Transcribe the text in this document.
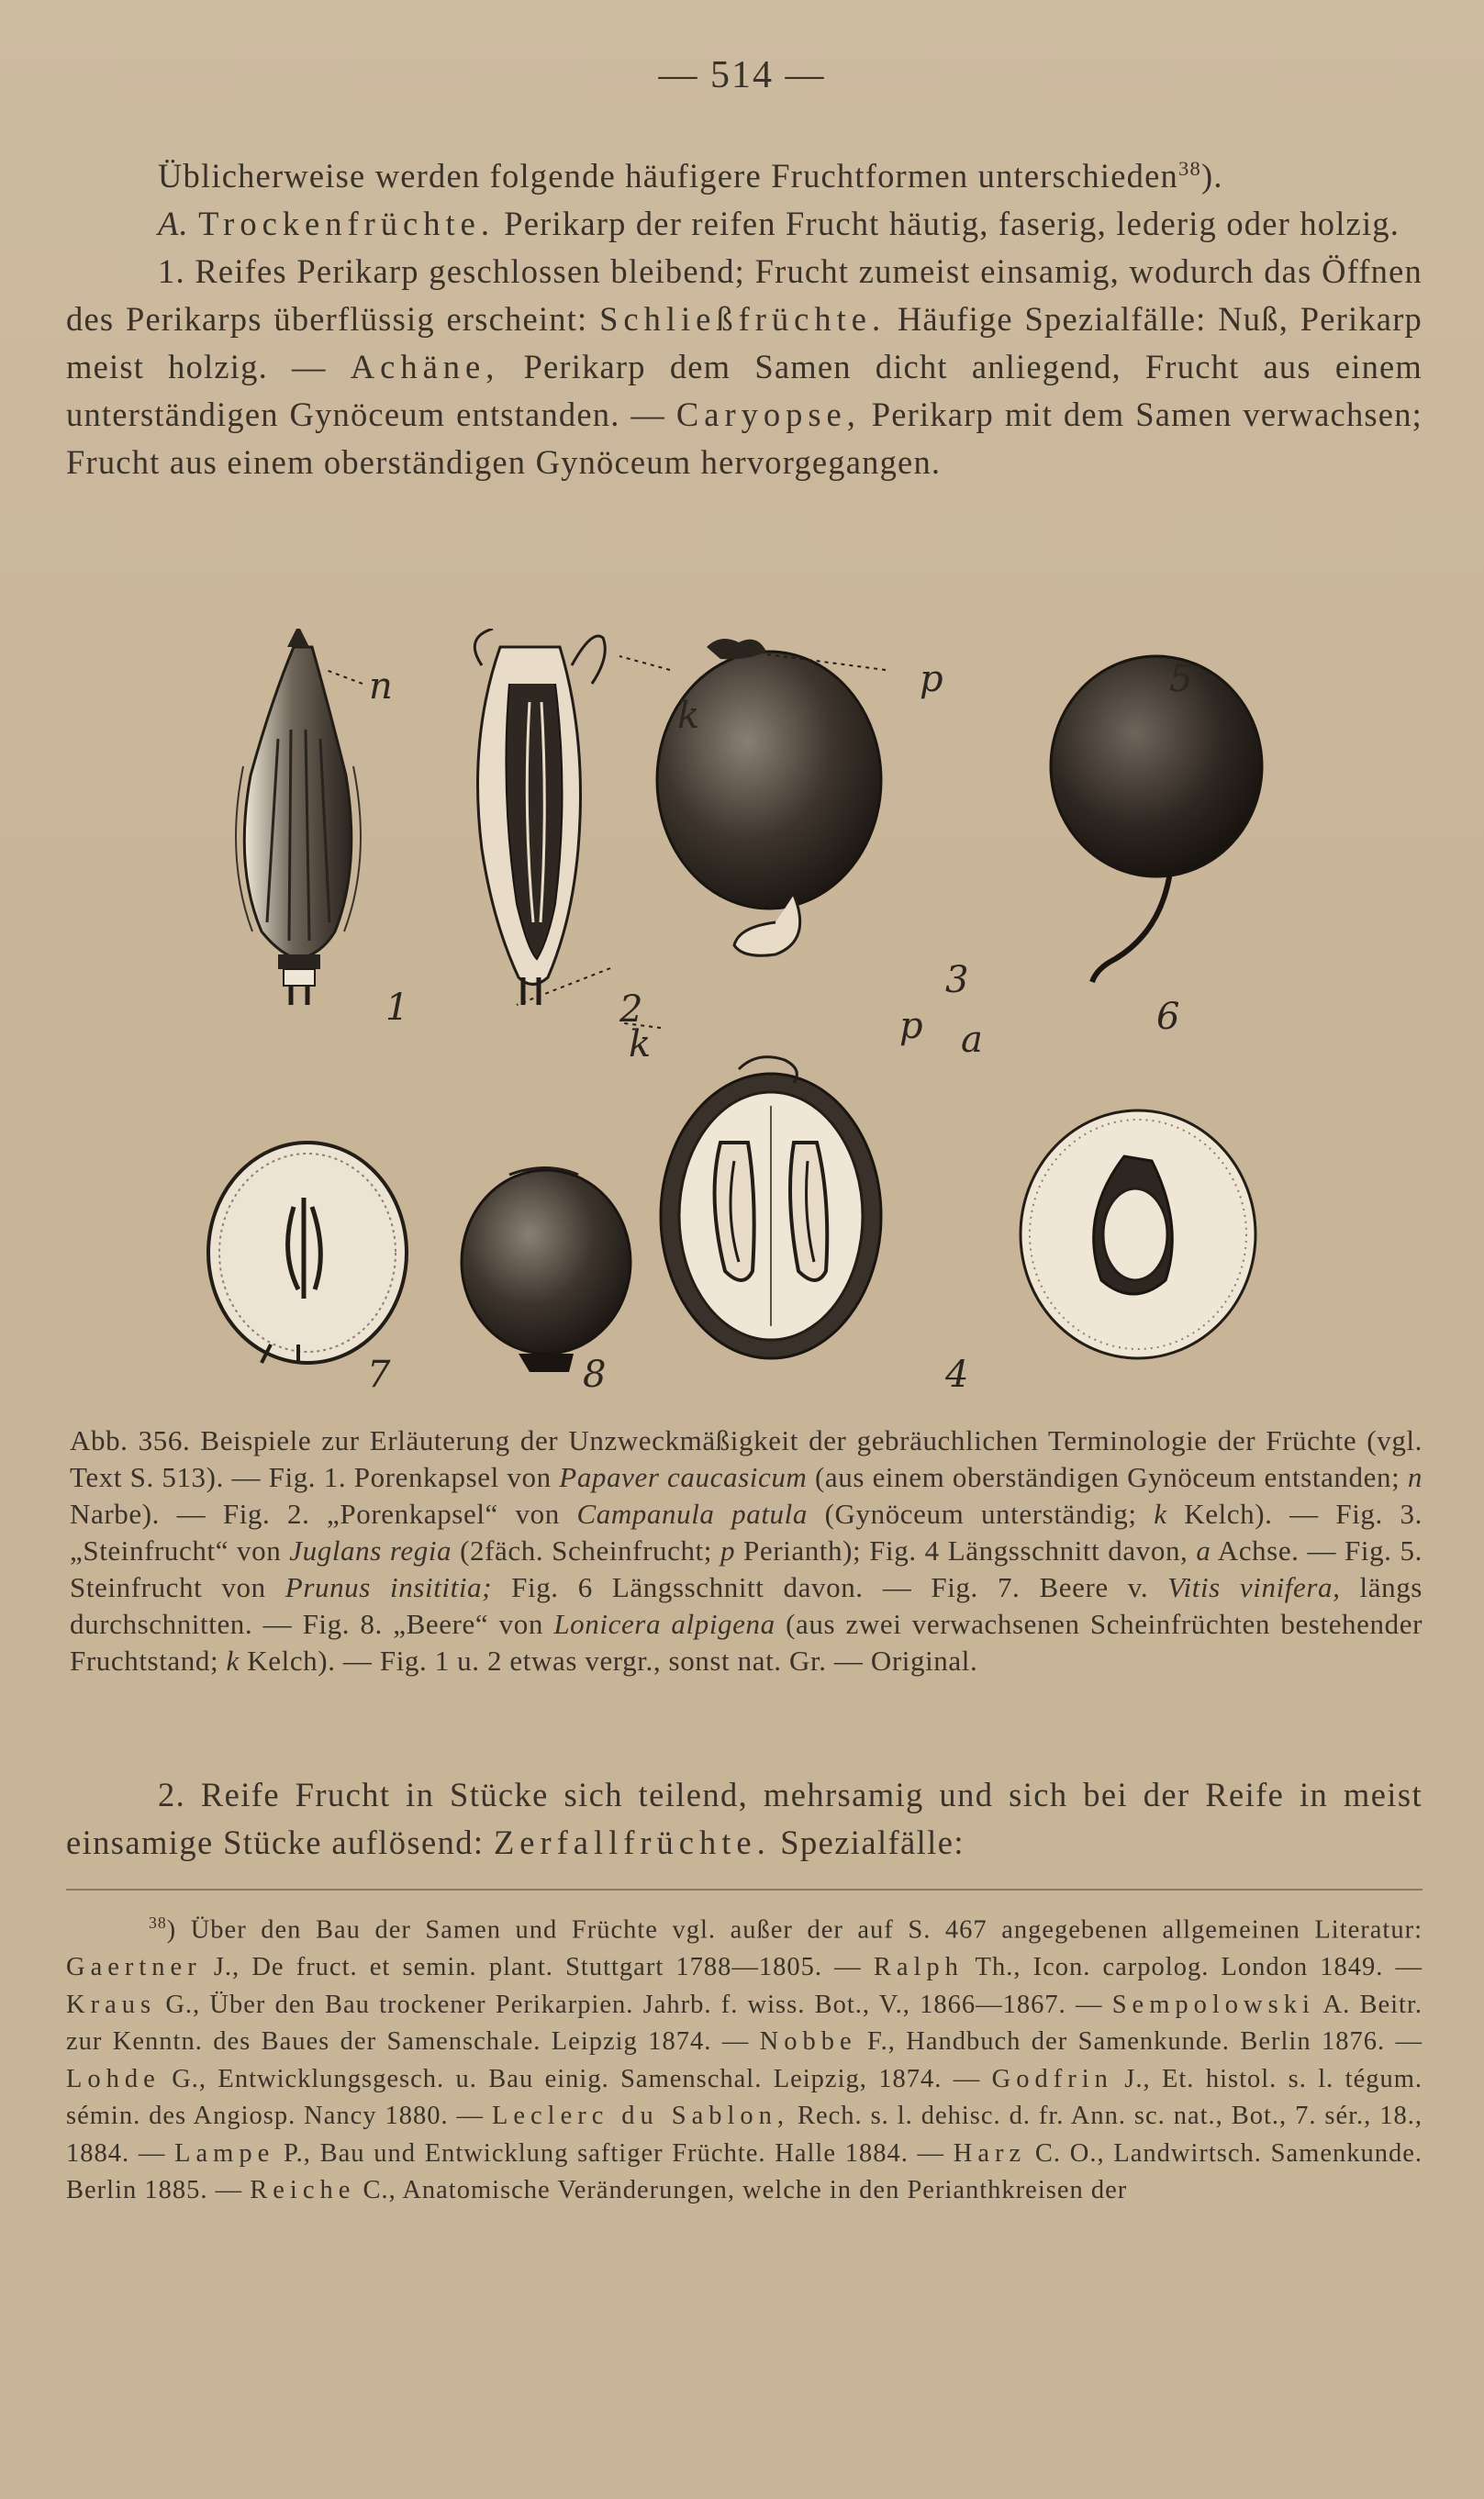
— 514 —

Üblicherweise werden folgende häufigere Fruchtformen unterschieden$^{38}$).

A. Trockenfrüchte. Perikarp der reifen Frucht häutig, faserig, lederig oder holzig.

1. Reifes Perikarp geschlossen bleibend; Frucht zumeist einsamig, wodurch das Öffnen des Perikarps überflüssig erscheint: Schließfrüchte. Häufige Spezialfälle: Nuß, Perikarp meist holzig. — Achäne, Perikarp dem Samen dicht anliegend, Frucht aus einem unterständigen Gynöceum entstanden. — Caryopse, Perikarp mit dem Samen verwachsen; Frucht aus einem oberständigen Gynöceum hervorgegangen.

n
k
p	5
1	2
3
k	p a
6
7	8	4

Abb. 356. Beispiele zur Erläuterung der Unzweckmäßigkeit der gebräuchlichen Terminologie der Früchte (vgl. Text S. 513). — Fig. 1. Porenkapsel von Papaver caucasicum (aus einem oberständigen Gynöceum entstanden; n Narbe). — Fig. 2. „Porenkapsel“ von Campanula patula (Gynöceum unterständig; k Kelch). — Fig. 3. „Steinfrucht“ von Juglans regia (2fäch. Scheinfrucht; p Perianth); Fig. 4 Längsschnitt davon, a Achse. — Fig. 5. Steinfrucht von Prunus insititia; Fig. 6 Längsschnitt davon. — Fig. 7. Beere v. Vitis vinifera, längs durchschnitten. — Fig. 8. „Beere“ von Lonicera alpigena (aus zwei verwachsenen Scheinfrüchten bestehender Fruchtstand; k Kelch). — Fig. 1 u. 2 etwas vergr., sonst nat. Gr. — Original.

2. Reife Frucht in Stücke sich teilend, mehrsamig und sich bei der Reife in meist einsamige Stücke auflösend: Zerfallfrüchte. Spezialfälle:

$^{38}$) Über den Bau der Samen und Früchte vgl. außer der auf S. 467 angegebenen allgemeinen Literatur: Gaertner J., De fruct. et semin. plant. Stuttgart 1788—1805. — Ralph Th., Icon. carpolog. London 1849. — Kraus G., Über den Bau trockener Perikarpien. Jahrb. f. wiss. Bot., V., 1866—1867. — Sempolowski A. Beitr. zur Kenntn. des Baues der Samenschale. Leipzig 1874. — Nobbe F., Handbuch der Samenkunde. Berlin 1876. — Lohde G., Entwicklungsgesch. u. Bau einig. Samenschal. Leipzig, 1874. — Godfrin J., Et. histol. s. l. tégum. sémin. des Angiosp. Nancy 1880. — Leclerc du Sablon, Rech. s. l. dehisc. d. fr. Ann. sc. nat., Bot., 7. sér., 18., 1884. — Lampe P., Bau und Entwicklung saftiger Früchte. Halle 1884. — Harz C. O., Landwirtsch. Samenkunde. Berlin 1885. — Reiche C., Anatomische Veränderungen, welche in den Perianthkreisen der
